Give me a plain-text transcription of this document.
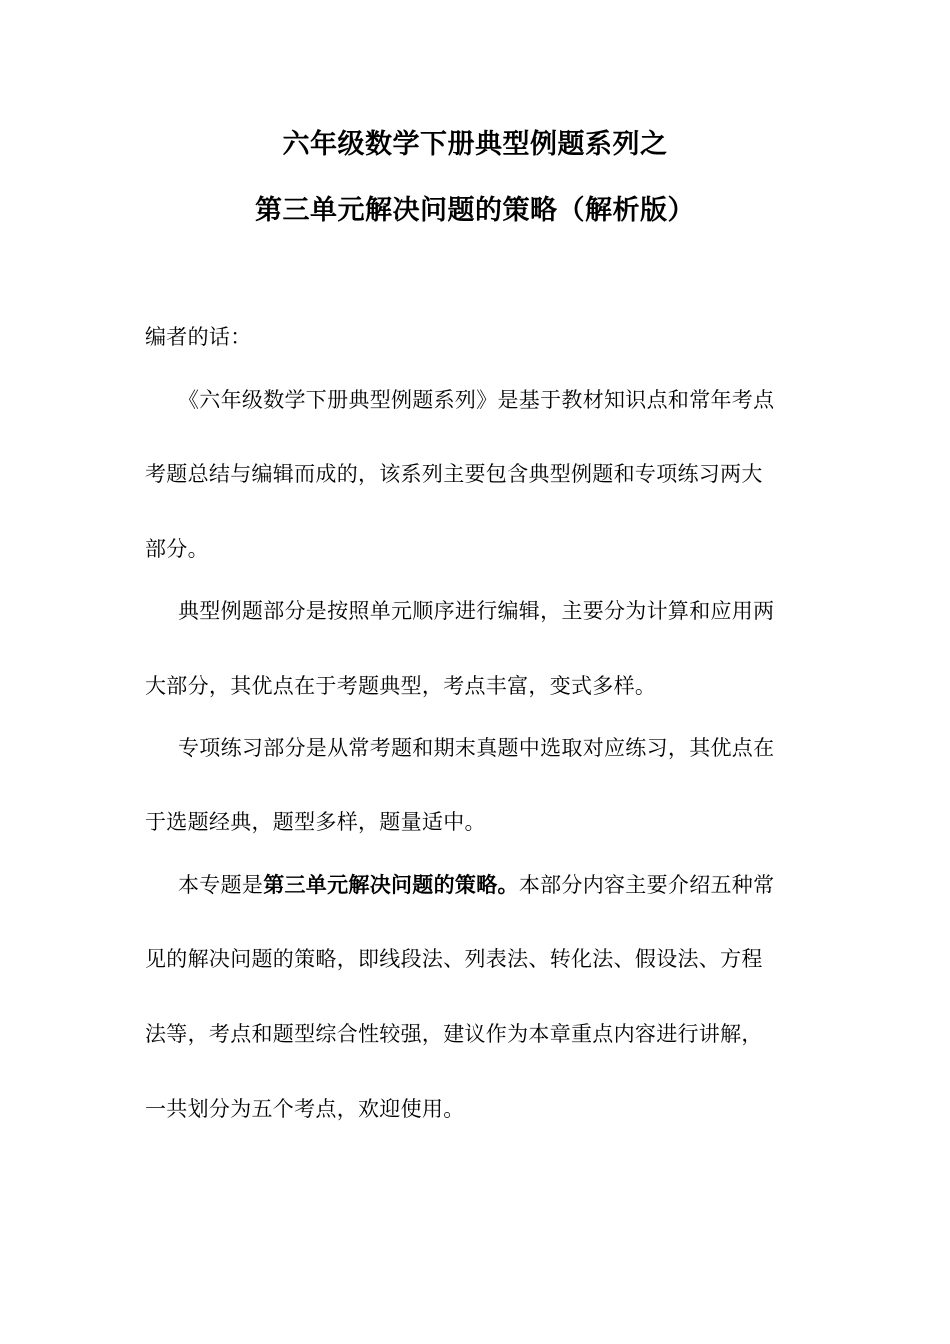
六年级数学下册典型例题系列之
第三单元解决问题的策略（解析版）
编者的话：
《六年级数学下册典型例题系列》是基于教材知识点和常年考点
考题总结与编辑而成的，该系列主要包含典型例题和专项练习两大
部分。
典型例题部分是按照单元顺序进行编辑，主要分为计算和应用两
大部分，其优点在于考题典型，考点丰富，变式多样。
专项练习部分是从常考题和期末真题中选取对应练习，其优点在
于选题经典，题型多样，题量适中。
本专题是第三单元解决问题的策略。本部分内容主要介绍五种常
见的解决问题的策略，即线段法、列表法、转化法、假设法、方程
法等，考点和题型综合性较强，建议作为本章重点内容进行讲解，
一共划分为五个考点，欢迎使用。
